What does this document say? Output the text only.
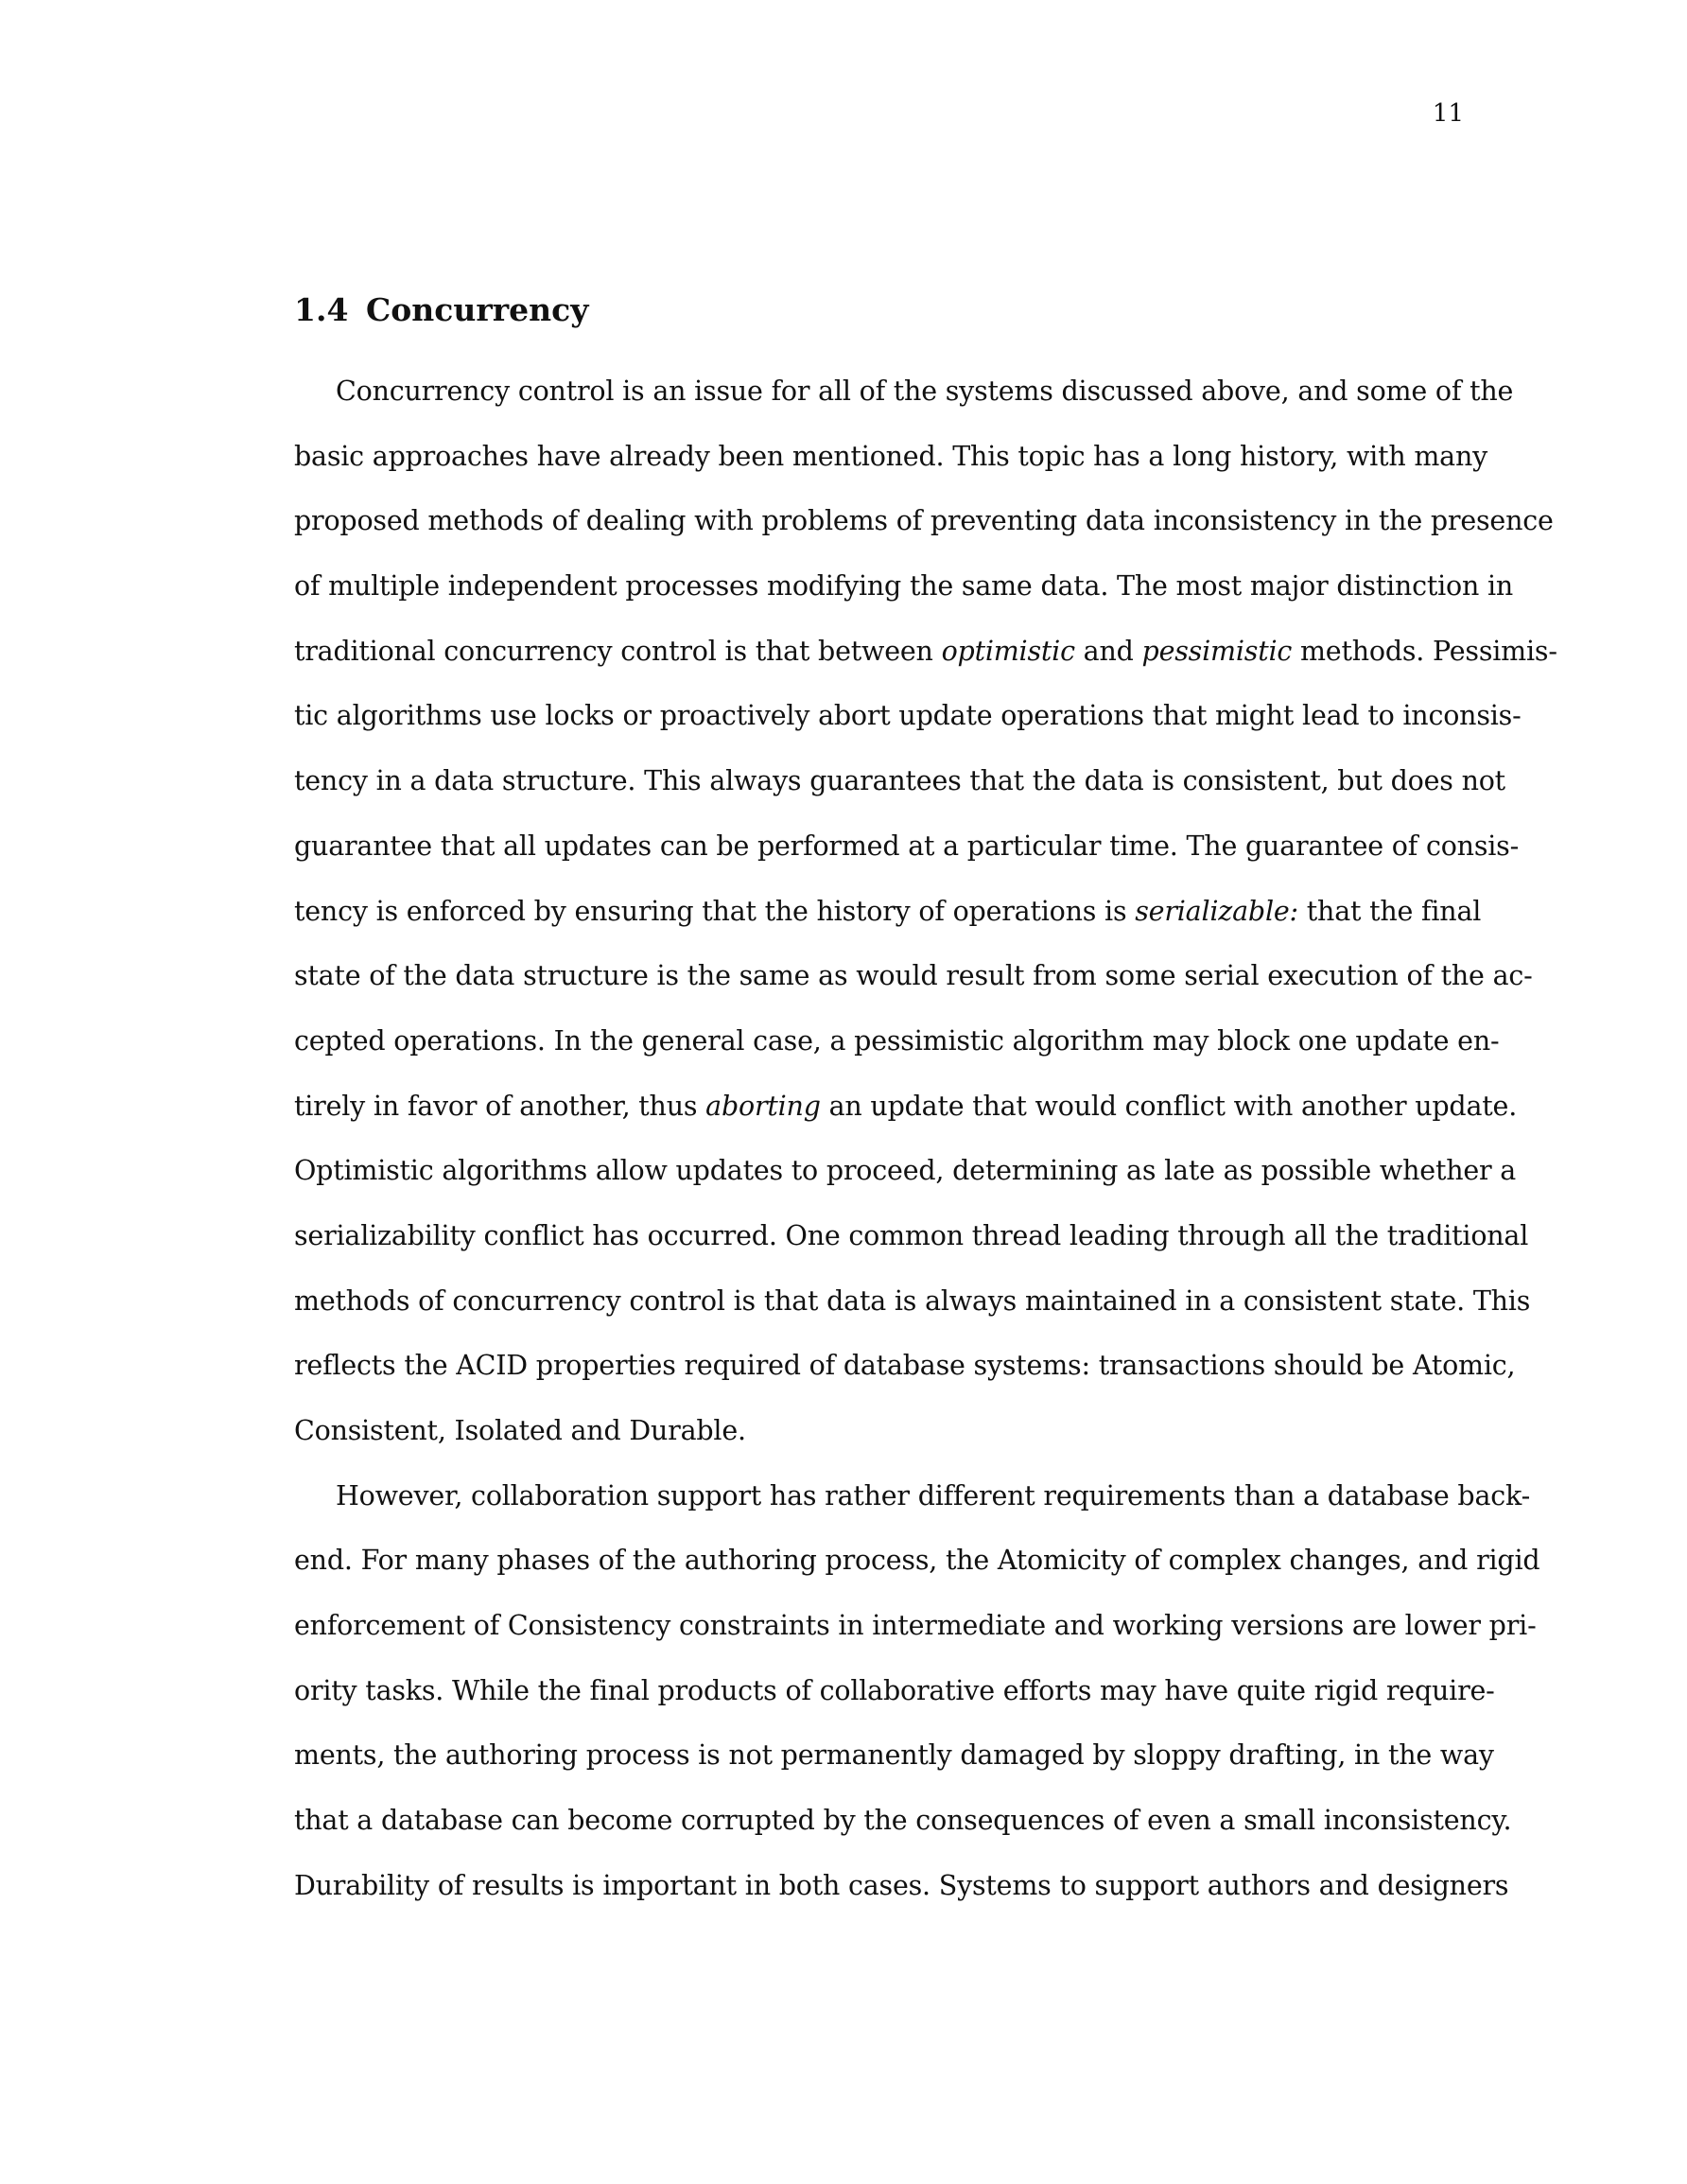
11
1.4 Concurrency
Concurrency control is an issue for all of the systems discussed above, and some of the
basic approaches have already been mentioned. This topic has a long history, with many
proposed methods of dealing with problems of preventing data inconsistency in the presence
of multiple independent processes modifying the same data. The most major distinction in
traditional concurrency control is that between optimistic and pessimistic methods. Pessimis-
tic algorithms use locks or proactively abort update operations that might lead to inconsis-
tency in a data structure. This always guarantees that the data is consistent, but does not
guarantee that all updates can be performed at a particular time. The guarantee of consis-
tency is enforced by ensuring that the history of operations is serializable: that the final
state of the data structure is the same as would result from some serial execution of the ac-
cepted operations. In the general case, a pessimistic algorithm may block one update en-
tirely in favor of another, thus aborting an update that would conflict with another update.
Optimistic algorithms allow updates to proceed, determining as late as possible whether a
serializability conflict has occurred. One common thread leading through all the traditional
methods of concurrency control is that data is always maintained in a consistent state. This
reflects the ACID properties required of database systems: transactions should be Atomic,
Consistent, Isolated and Durable.
However, collaboration support has rather different requirements than a database back-
end. For many phases of the authoring process, the Atomicity of complex changes, and rigid
enforcement of Consistency constraints in intermediate and working versions are lower pri-
ority tasks. While the final products of collaborative efforts may have quite rigid require-
ments, the authoring process is not permanently damaged by sloppy drafting, in the way
that a database can become corrupted by the consequences of even a small inconsistency.
Durability of results is important in both cases. Systems to support authors and designers
